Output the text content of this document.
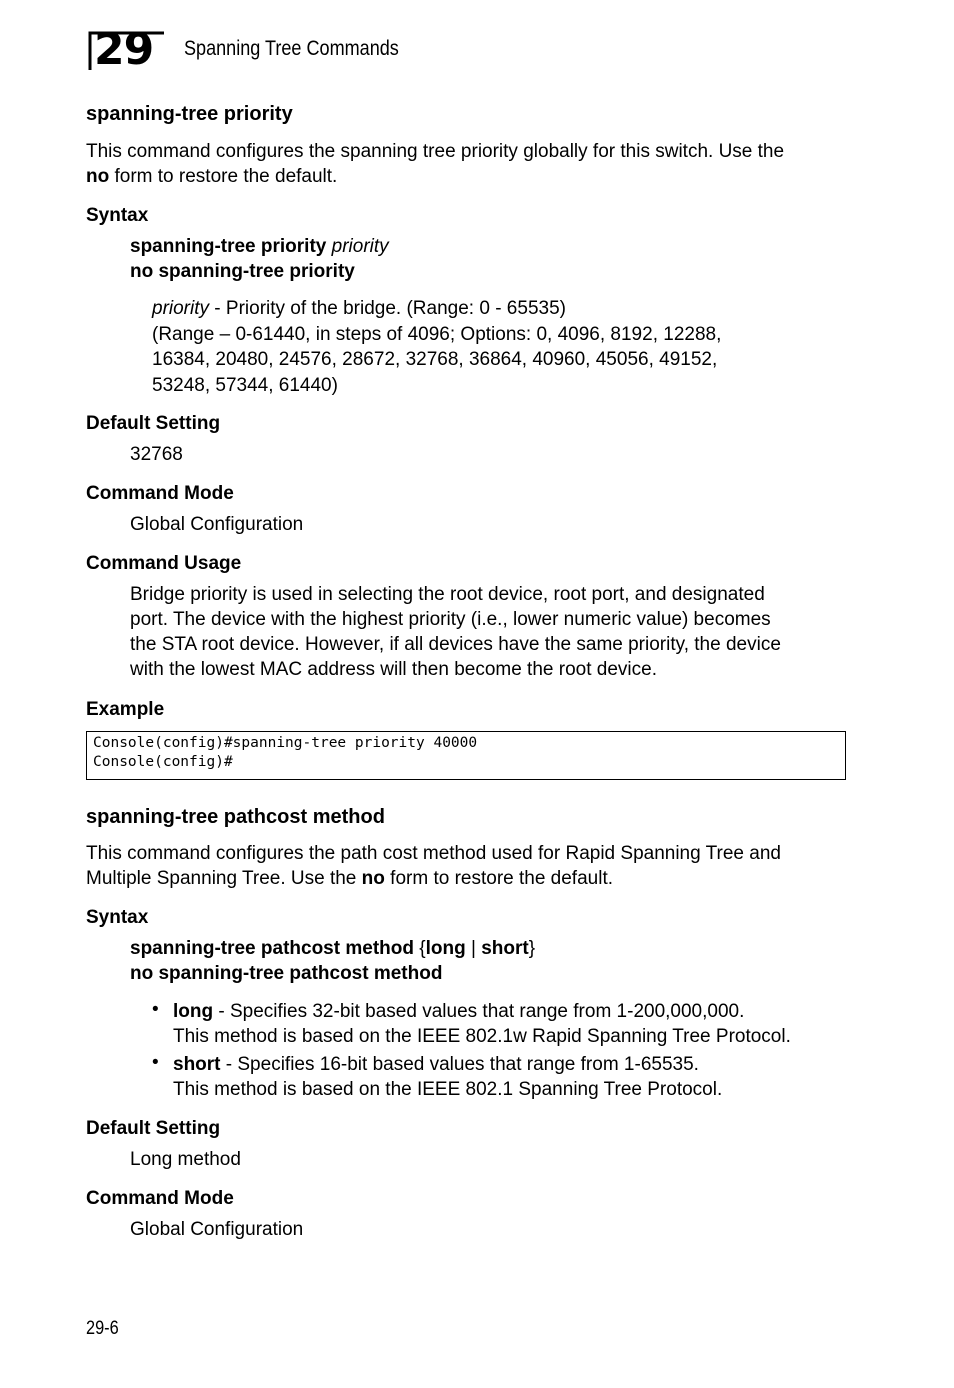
29 Spanning Tree Commands
spanning-tree priority
This command configures the spanning tree priority globally for this switch. Use the
no form to restore the default.
Syntax
spanning-tree priority priority
no spanning-tree priority
priority - Priority of the bridge. (Range: 0 - 65535)
(Range – 0-61440, in steps of 4096; Options: 0, 4096, 8192, 12288,
16384, 20480, 24576, 28672, 32768, 36864, 40960, 45056, 49152,
53248, 57344, 61440)
Default Setting
32768
Command Mode
Global Configuration
Command Usage
Bridge priority is used in selecting the root device, root port, and designated
port. The device with the highest priority (i.e., lower numeric value) becomes
the STA root device. However, if all devices have the same priority, the device
with the lowest MAC address will then become the root device.
Example
Console(config)#spanning-tree priority 40000
Console(config)#
spanning-tree pathcost method
This command configures the path cost method used for Rapid Spanning Tree and
Multiple Spanning Tree. Use the no form to restore the default.
Syntax
spanning-tree pathcost method {long | short}
no spanning-tree pathcost method
• long - Specifies 32-bit based values that range from 1-200,000,000.
This method is based on the IEEE 802.1w Rapid Spanning Tree Protocol.
• short - Specifies 16-bit based values that range from 1-65535.
This method is based on the IEEE 802.1 Spanning Tree Protocol.
Default Setting
Long method
Command Mode
Global Configuration
29-6
